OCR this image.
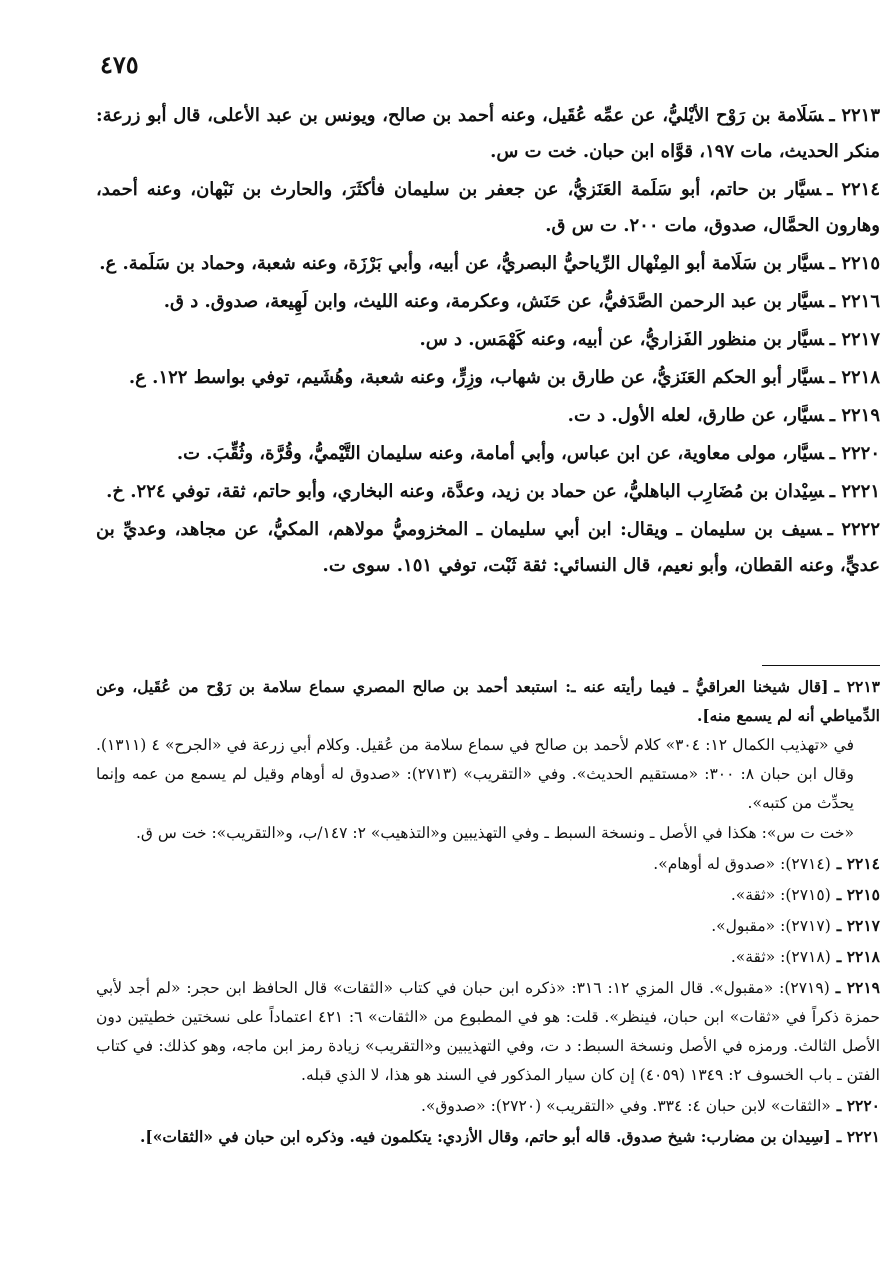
٤٧٥

٢٢١٣ ـسَلَامة بن رَوْح الأيْليُّ، عن عمِّه عُقَيل، وعنه أحمد بن صالح، ويونس بن عبد الأعلى، قال أبو زرعة: منكر الحديث، مات ١٩٧، قوَّاه ابن حبان. خت ت س.

٢٢١٤ ـسيَّار بن حاتم، أبو سَلَمة العَنَزيُّ، عن جعفر بن سليمان فأكثَرَ، والحارث بن نَبْهان، وعنه أحمد، وهارون الحمَّال، صدوق، مات ٢٠٠. ت س ق.

٢٢١٥ ـسيَّار بن سَلَامة أبو المِنْهال الرِّياحيُّ البصريُّ، عن أبيه، وأبي بَرْزَة، وعنه شعبة، وحماد بن سَلَمة. ع.

٢٢١٦ ـسيَّار بن عبد الرحمن الصَّدَفيُّ، عن حَنَش، وعكرمة، وعنه الليث، وابن لَهِيعة، صدوق. د ق.

٢٢١٧ ـسيَّار بن منظور الفَزاريُّ، عن أبيه، وعنه كَهْمَس. د س.

٢٢١٨ ـسيَّار أبو الحكم العَنَزيُّ، عن طارق بن شهاب، وزِرٍّ، وعنه شعبة، وهُشَيم، توفي بواسط ١٢٢. ع.

٢٢١٩ ـسيَّار، عن طارق، لعله الأول. د ت.

٢٢٢٠ ـسيَّار، مولى معاوية، عن ابن عباس، وأبي أمامة، وعنه سليمان التَّيْميُّ، وقُرَّة، وثُقِّبَ. ت.

٢٢٢١ ـسِيْدان بن مُضَارِب الباهليُّ، عن حماد بن زيد، وعدَّة، وعنه البخاري، وأبو حاتم، ثقة، توفي ٢٢٤. خ.

٢٢٢٢ ـسيف بن سليمان ـ ويقال: ابن أبي سليمان ـ المخزوميُّ مولاهم، المكيُّ، عن مجاهد، وعديِّ بن عديٍّ، وعنه القطان، وأبو نعيم، قال النسائي: ثقة ثَبْت، توفي ١٥١. سوى ت.

٢٢١٣ ـ[قال شيخنا العراقيُّ ـ فيما رأيته عنه ـ: استبعد أحمد بن صالح المصري سماع سلامة بن رَوْح من عُقَيل، وعن الدِّمياطي أنه لم يسمع منه].

في «تهذيب الكمال ١٢: ٣٠٤» كلام لأحمد بن صالح في سماع سلامة من عُقيل. وكلام أبي زرعة في «الجرح» ٤ (١٣١١). وقال ابن حبان ٨: ٣٠٠: «مستقيم الحديث». وفي «التقريب» (٢٧١٣): «صدوق له أوهام وقيل لم يسمع من عمه وإنما يحدِّث من كتبه».

«خت ت س»: هكذا في الأصل ـ ونسخة السبط ـ وفي التهذيبين و«التذهيب» ٢: ١٤٧/ب، و«التقريب»: خت س ق.

٢٢١٤ ـ(٢٧١٤): «صدوق له أوهام».

٢٢١٥ ـ(٢٧١٥): «ثقة».

٢٢١٧ ـ(٢٧١٧): «مقبول».

٢٢١٨ ـ(٢٧١٨): «ثقة».

٢٢١٩ ـ(٢٧١٩): «مقبول». قال المزي ١٢: ٣١٦: «ذكره ابن حبان في كتاب «الثقات» قال الحافظ ابن حجر: «لم أجد لأبي حمزة ذكراً في «ثقات» ابن حبان، فينظر». قلت: هو في المطبوع من «الثقات» ٦: ٤٢١ اعتماداً على نسختين خطيتين دون الأصل الثالث. ورمزه في الأصل ونسخة السبط: د ت، وفي التهذيبين و«التقريب» زيادة رمز ابن ماجه، وهو كذلك: في كتاب الفتن ـ باب الخسوف ٢: ١٣٤٩ (٤٠٥٩) إن كان سيار المذكور في السند هو هذا، لا الذي قبله.

٢٢٢٠ ـ«الثقات» لابن حبان ٤: ٣٣٤. وفي «التقريب» (٢٧٢٠): «صدوق».

٢٢٢١ ـ[سِيدان بن مضارب: شيخ صدوق. قاله أبو حاتم، وقال الأزدي: يتكلمون فيه. وذكره ابن حبان في «الثقات»].
